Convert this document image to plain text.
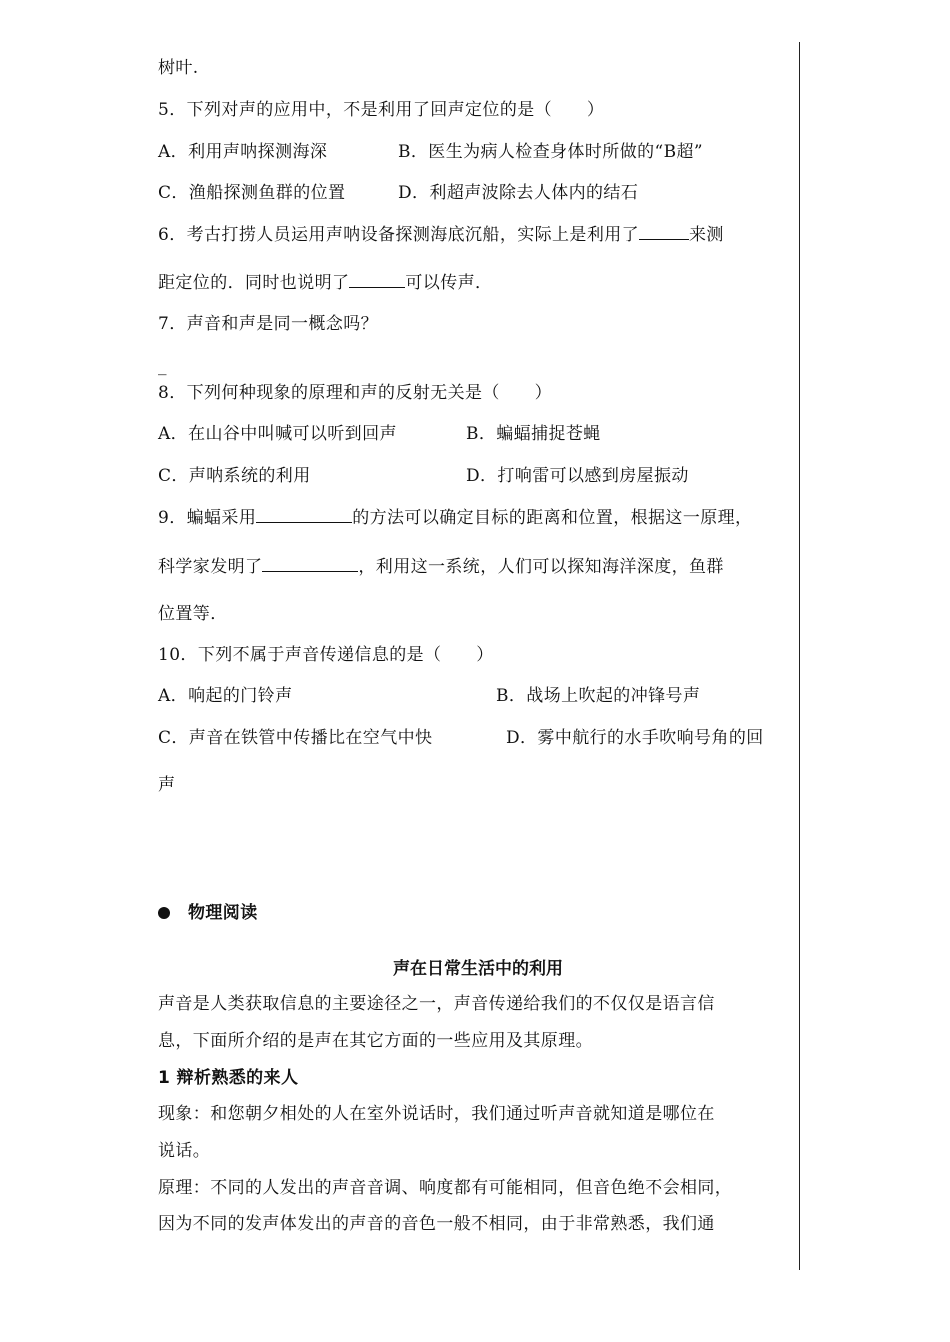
树叶.
5．下列对声的应用中，不是利用了回声定位的是（　　）
A．利用声呐探测海深	B．医生为病人检查身体时所做的“B超”
C．渔船探测鱼群的位置	D．利超声波除去人体内的结石
6．考古打捞人员运用声呐设备探测海底沉船，实际上是利用了	来测
距定位的．同时也说明了	可以传声．
7．声音和声是同一概念吗？
_
8．下列何种现象的原理和声的反射无关是（　　）
A．在山谷中叫喊可以听到回声	B．蝙蝠捕捉苍蝇
C．声呐系统的利用	D．打响雷可以感到房屋振动
9．蝙蝠采用	的方法可以确定目标的距离和位置，根据这一原理，
科学家发明了	，利用这一系统，人们可以探知海洋深度，鱼群
位置等．
10．下列不属于声音传递信息的是（　　）
A．响起的门铃声	B．战场上吹起的冲锋号声
C．声音在铁管中传播比在空气中快	D．雾中航行的水手吹响号角的回
声
物理阅读
声在日常生活中的利用
声音是人类获取信息的主要途径之一，声音传递给我们的不仅仅是语言信
息，下面所介绍的是声在其它方面的一些应用及其原理。
1 辩析熟悉的来人
现象：和您朝夕相处的人在室外说话时，我们通过听声音就知道是哪位在
说话。
原理：不同的人发出的声音音调、响度都有可能相同，但音色绝不会相同，
因为不同的发声体发出的声音的音色一般不相同，由于非常熟悉，我们通
